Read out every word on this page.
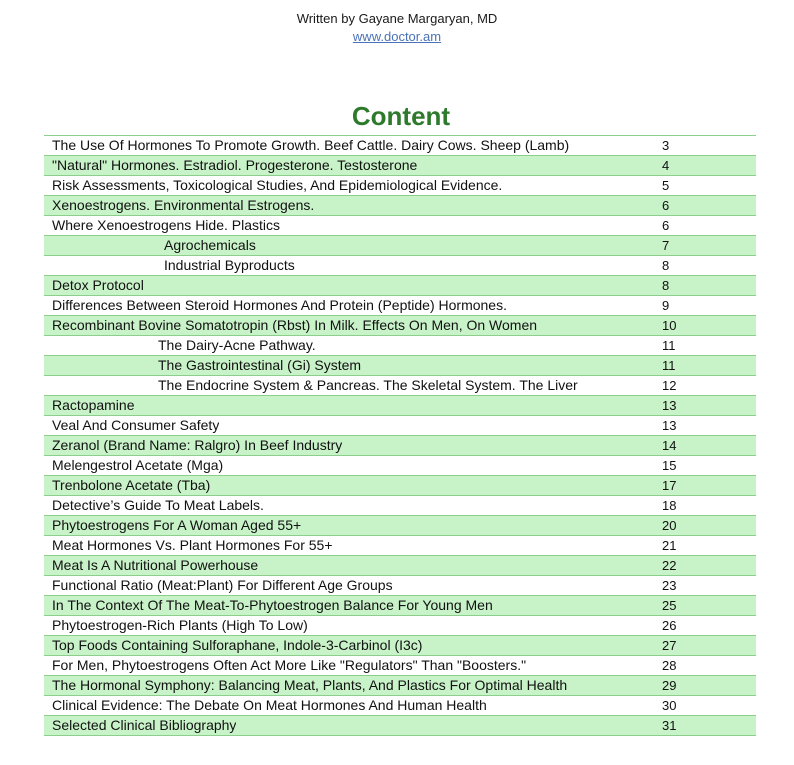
Written by Gayane Margaryan, MD
www.doctor.am
Content
The Use Of Hormones To Promote Growth. Beef Cattle. Dairy Cows. Sheep (Lamb)	3
"Natural" Hormones. Estradiol. Progesterone. Testosterone	4
Risk Assessments, Toxicological Studies, And Epidemiological Evidence.	5
Xenoestrogens. Environmental Estrogens.	6
Where Xenoestrogens Hide. Plastics	6
Agrochemicals	7
Industrial Byproducts	8
Detox Protocol	8
Differences Between Steroid Hormones And Protein (Peptide) Hormones.	9
Recombinant Bovine Somatotropin (Rbst) In Milk. Effects On Men, On Women	10
The Dairy-Acne Pathway.	11
The Gastrointestinal (Gi) System	11
The Endocrine System & Pancreas. The Skeletal System. The Liver	12
Ractopamine	13
Veal And Consumer Safety	13
Zeranol (Brand Name: Ralgro) In Beef Industry	14
Melengestrol Acetate (Mga)	15
Trenbolone Acetate (Tba)	17
Detective’s Guide To Meat Labels.	18
Phytoestrogens For A Woman Aged 55+	20
Meat Hormones Vs. Plant Hormones For 55+	21
Meat Is A Nutritional Powerhouse	22
Functional Ratio (Meat:Plant) For Different Age Groups	23
In The Context Of The Meat-To-Phytoestrogen Balance For Young Men	25
Phytoestrogen-Rich Plants (High To Low)	26
Top Foods Containing Sulforaphane, Indole-3-Carbinol (I3c)	27
For Men, Phytoestrogens Often Act More Like "Regulators" Than "Boosters."	28
The Hormonal Symphony: Balancing Meat, Plants, And Plastics For Optimal Health	29
Clinical Evidence: The Debate On Meat Hormones And Human Health	30
Selected Clinical Bibliography	31
